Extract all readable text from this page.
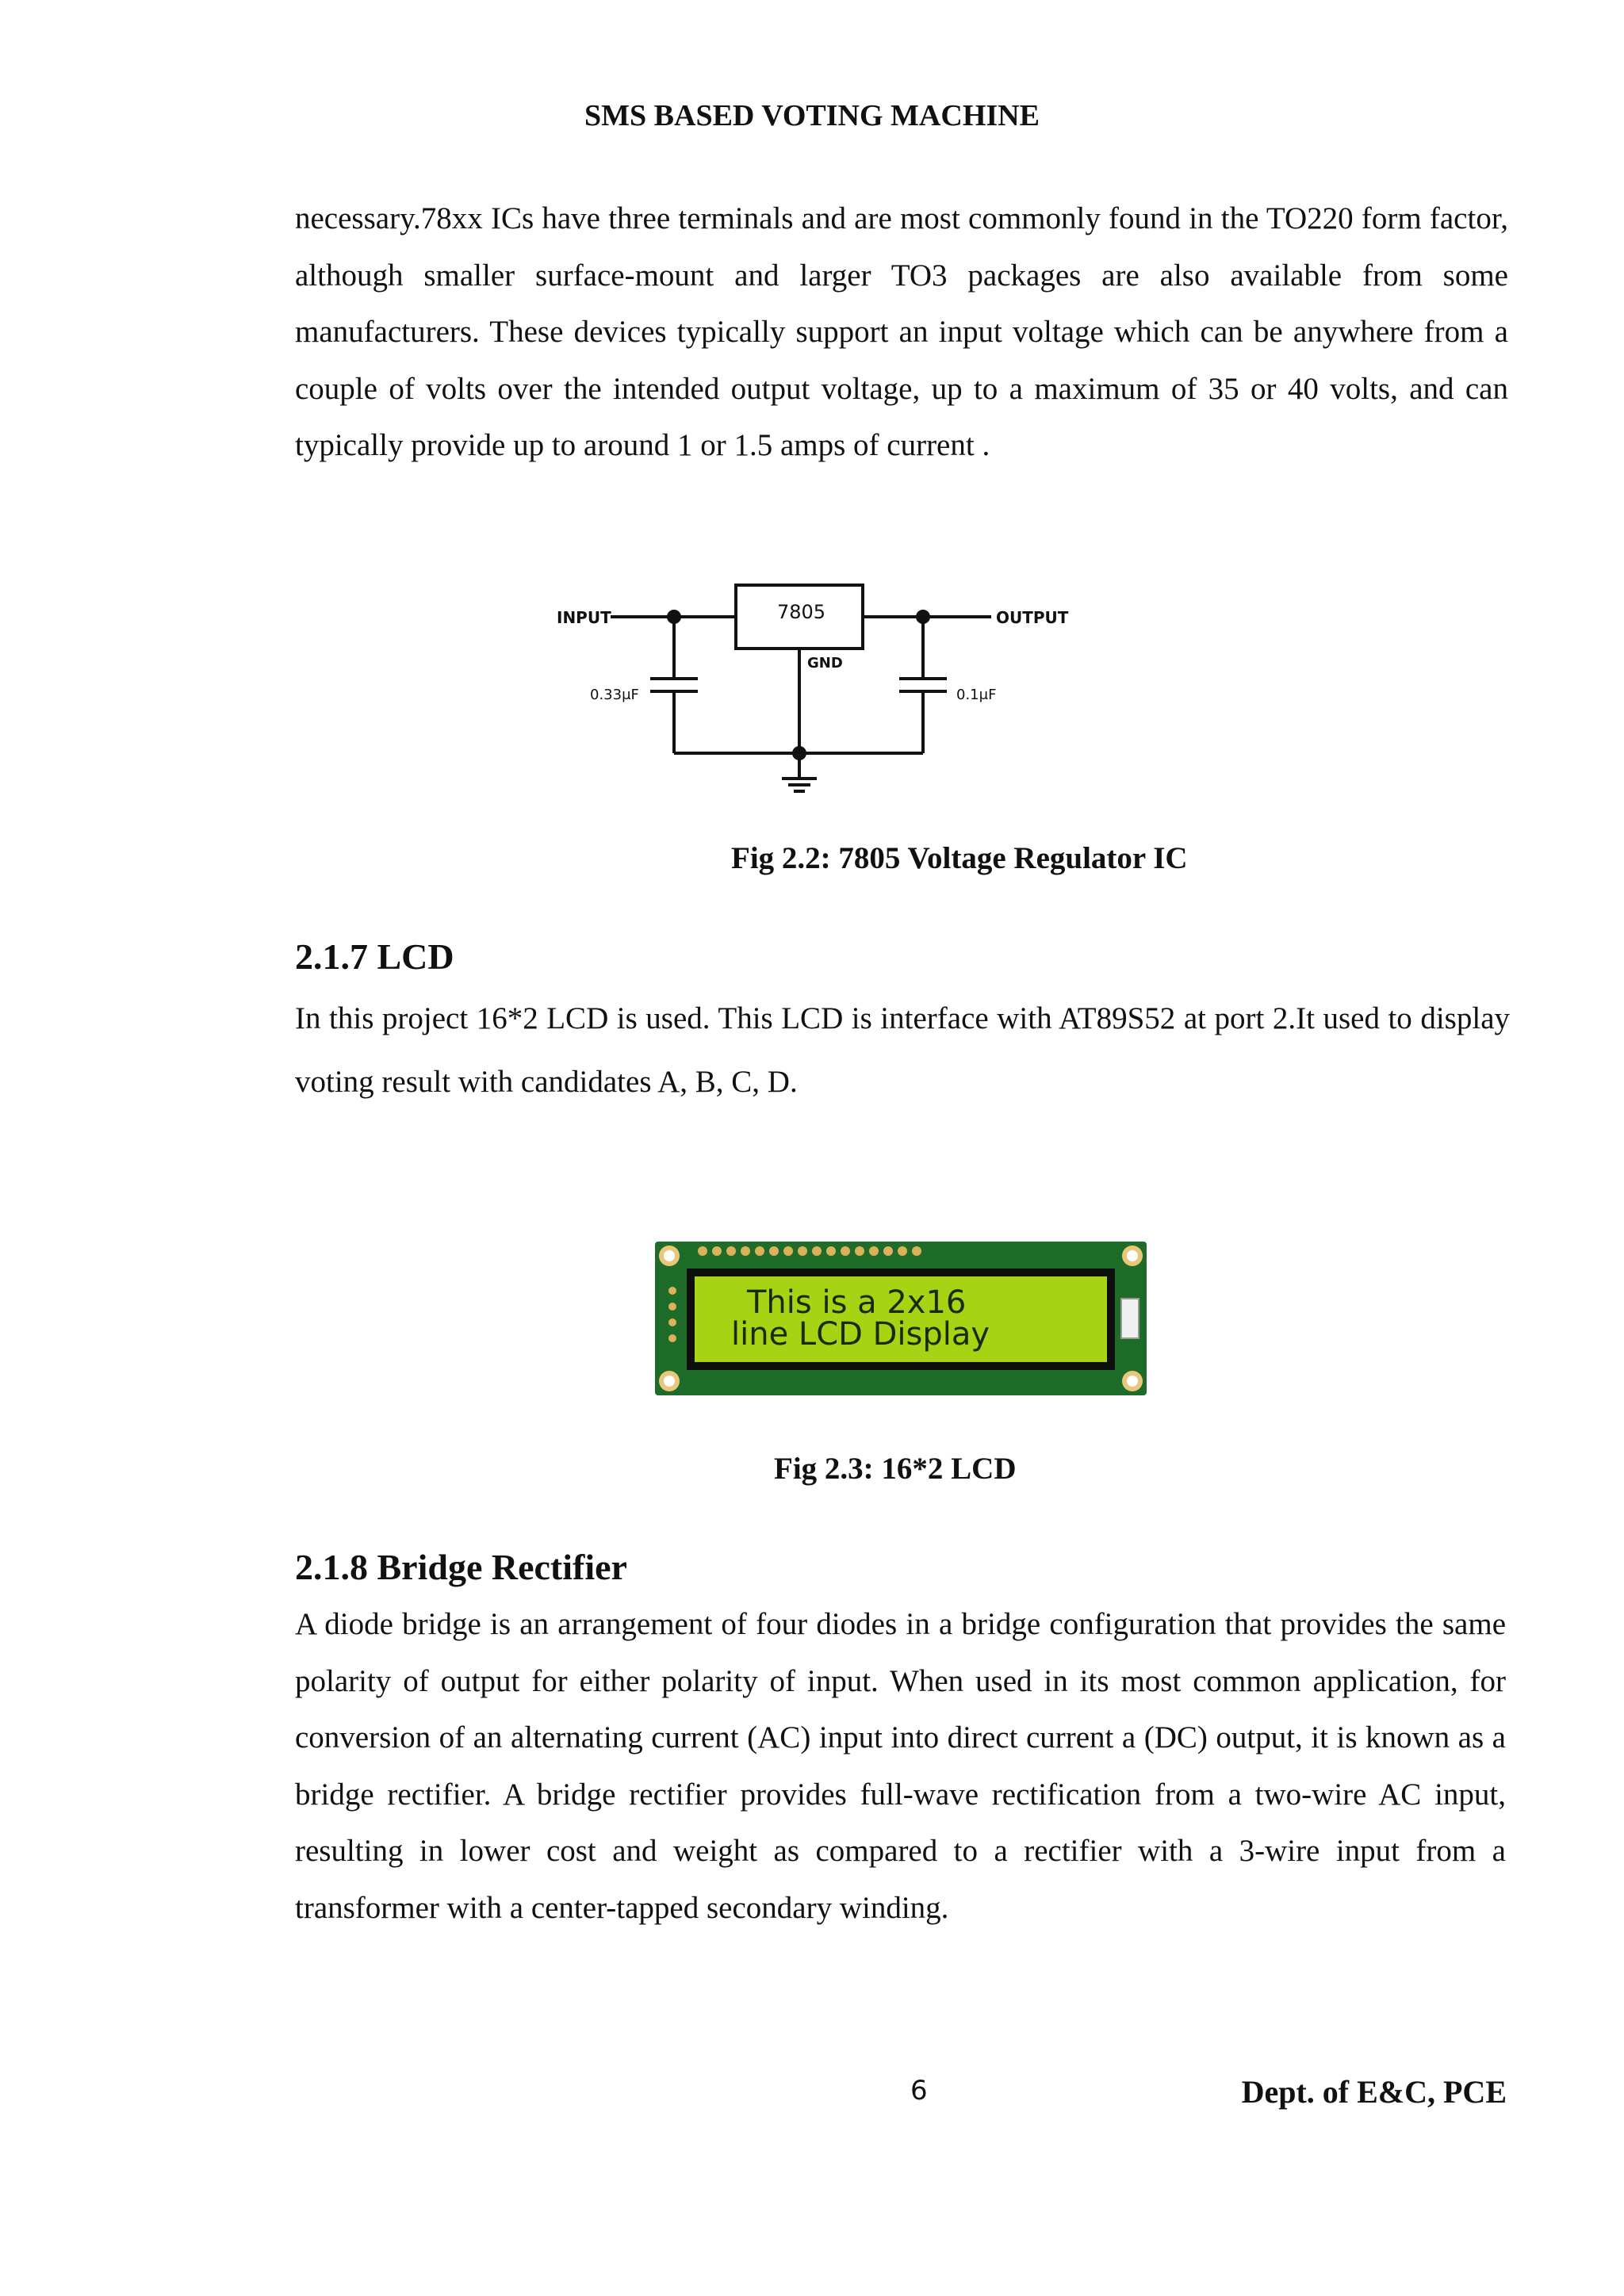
SMS BASED VOTING MACHINE

necessary.78xx ICs have three terminals and are most commonly found in the TO220 form factor, although smaller surface-mount and larger TO3 packages are also available from some manufacturers. These devices typically support an input voltage which can be anywhere from a couple of volts over the intended output voltage, up to a maximum of 35 or 40 volts, and can typically provide up to around 1 or 1.5 amps of current .

INPUT	OUTPUT
7805
GND
0.33μF	0.1μF
Fig 2.2: 7805 Voltage Regulator IC
2.1.7 LCD

In this project 16*2 LCD is used. This LCD is interface with AT89S52 at port 2.It used to display voting result with candidates A, B, C, D.

This is a 2x16
line LCD Display
Fig 2.3: 16*2 LCD
2.1.8 Bridge Rectifier

A diode bridge is an arrangement of four diodes in a bridge configuration that provides the same polarity of output for either polarity of input. When used in its most common application, for conversion of an alternating current (AC) input into direct current a (DC) output, it is known as a bridge rectifier. A bridge rectifier provides full-wave rectification from a two-wire AC input, resulting in lower cost and weight as compared to a rectifier with a 3-wire input from a transformer with a center-tapped secondary winding.

6	Dept. of E&C, PCE
